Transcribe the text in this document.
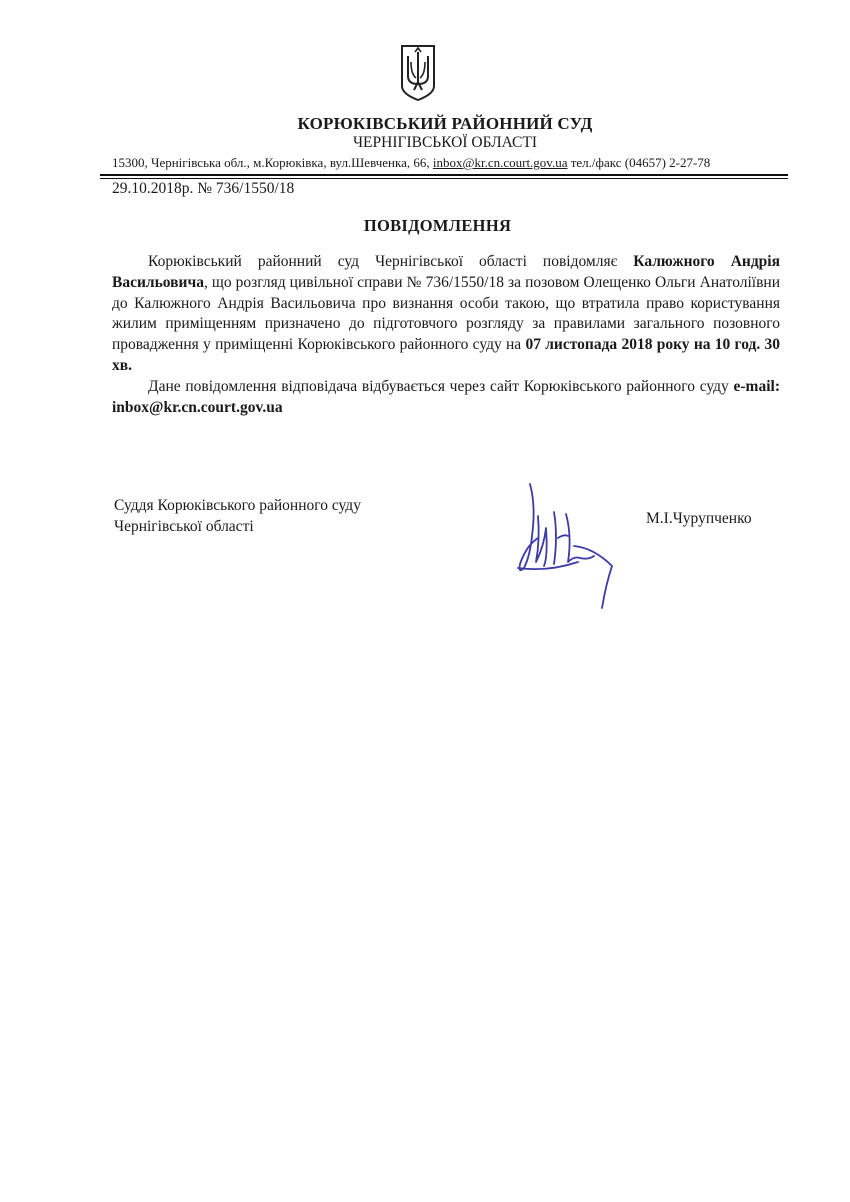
КОРЮКІВСЬКИЙ РАЙОННИЙ СУД
ЧЕРНІГІВСЬКОЇ ОБЛАСТІ
15300, Чернігівська обл., м.Корюківка, вул.Шевченка, 66, inbox@kr.cn.court.gov.ua тел./факс (04657) 2-27-78
29.10.2018р. № 736/1550/18
ПОВІДОМЛЕННЯ

Корюківський районний суд Чернігівської області повідомляє Калюжного Андрія Васильовича, що розгляд цивільної справи № 736/1550/18 за позовом Олещенко Ольги Анатоліївни до Калюжного Андрія Васильовича про визнання особи такою, що втратила право користування жилим приміщенням призначено до підготовчого розгляду за правилами загального позовного провадження у приміщенні Корюківського районного суду на 07 листопада 2018 року на 10 год. 30 хв.

Дане повідомлення відповідача відбувається через сайт Корюківського районного суду e-mail: inbox@kr.cn.court.gov.ua

Суддя Корюківського районного суду
Чернігівської області	М.І.Чурупченко
